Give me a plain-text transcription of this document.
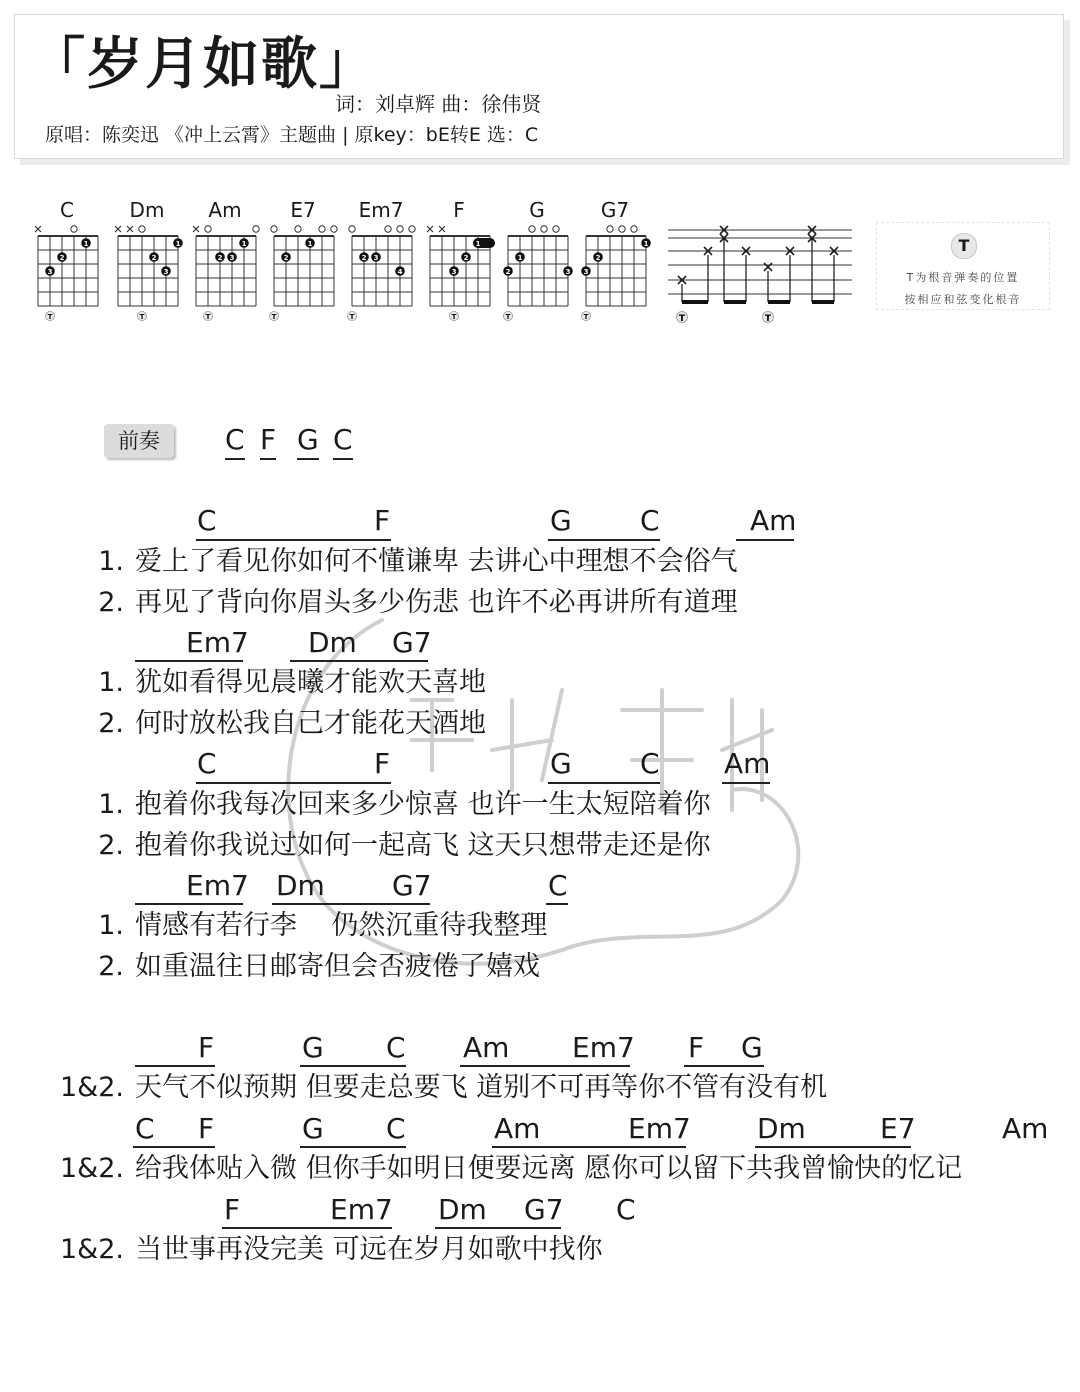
「岁月如歌」
词：刘卓辉 曲：徐伟贤
原唱：陈奕迅 《冲上云霄》主题曲 | 原key：bE转E 选：C
C
3
2
1
T
Dm
2
3
1
T
Am
2 3
1
T
E7
2
1
T
Em7
2 3
4
T
F
3
2
1
T
G
2
1
3
T
G7
3
2
1
T	T	T
T
T为根音弹奏的位置
按相应和弦变化根音
前奏	C F G C
C	F	G C	Am
1. 爱上了看见你如何不懂谦卑 去讲心中理想不会俗气
2. 再见了背向你眉头多少伤悲 也许不必再讲所有道理
Em7 Dm G7
1. 犹如看得见晨曦才能欢天喜地
2. 何时放松我自己才能花天酒地
C	F	G C Am
1. 抱着你我每次回来多少惊喜 也许一生太短陪着你
2. 抱着你我说过如何一起高飞 这天只想带走还是你
Em7 Dm G7	C
1. 情感有若行李    仍然沉重待我整理
2. 如重温往日邮寄但会否疲倦了嬉戏
F	G C Am Em7 F G
1&2. 天气不似预期 但要走总要飞 道别不可再等你不管有没有机
C F	G C	Am	Em7 Dm	E7	Am
1&2. 给我体贴入微 但你手如明日便要远离 愿你可以留下共我曾愉快的忆记
F	Em7 Dm G7 C
1&2. 当世事再没完美 可远在岁月如歌中找你
